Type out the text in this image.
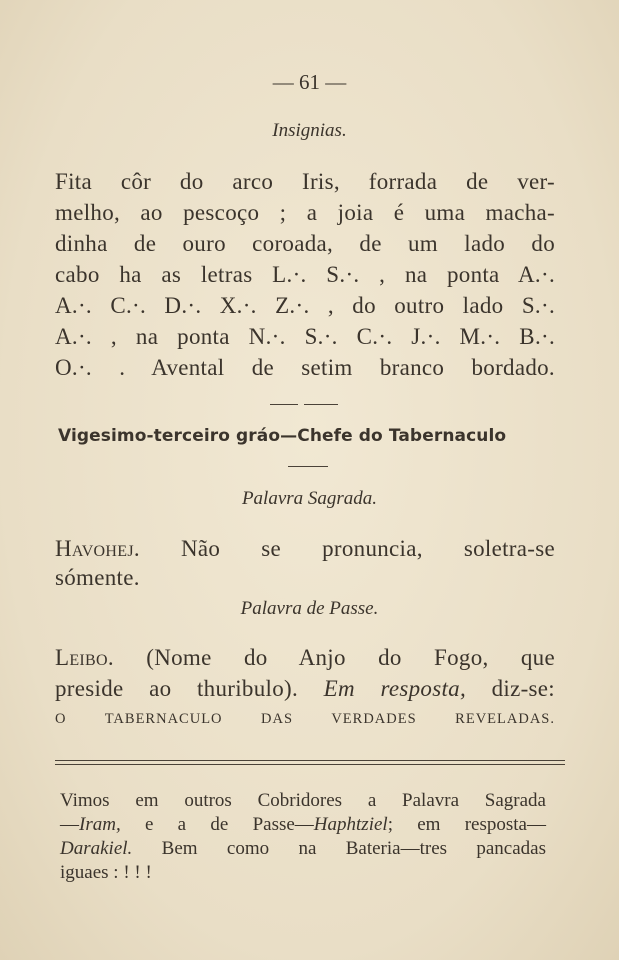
— 61 —
Insignias.
Fita côr do arco Iris, forrada de ver-
melho, ao pescoço ; a joia é uma macha-
dinha de ouro coroada, de um lado do
cabo ha as letras L.·. S.·. , na ponta A.·.
A.·. C.·. D.·. X.·. Z.·. , do outro lado S.·.
A.·. , na ponta N.·. S.·. C.·. J.·. M.·. B.·.
O.·. . Avental de setim branco bordado.
Vigesimo-terceiro gráo—Chefe do Tabernaculo
Palavra Sagrada.
Havohej. Não se pronuncia, soletra-se
sómente.
Palavra de Passe.
Leibo. (Nome do Anjo do Fogo, que
preside ao thuribulo). Em resposta, diz-se:
O TABERNACULO DAS VERDADES REVELADAS.
Vimos em outros Cobridores a Palavra Sagrada
—Iram, e a de Passe—Haphtziel; em resposta—
Darakiel. Bem como na Bateria—tres pancadas
iguaes : ! ! !
